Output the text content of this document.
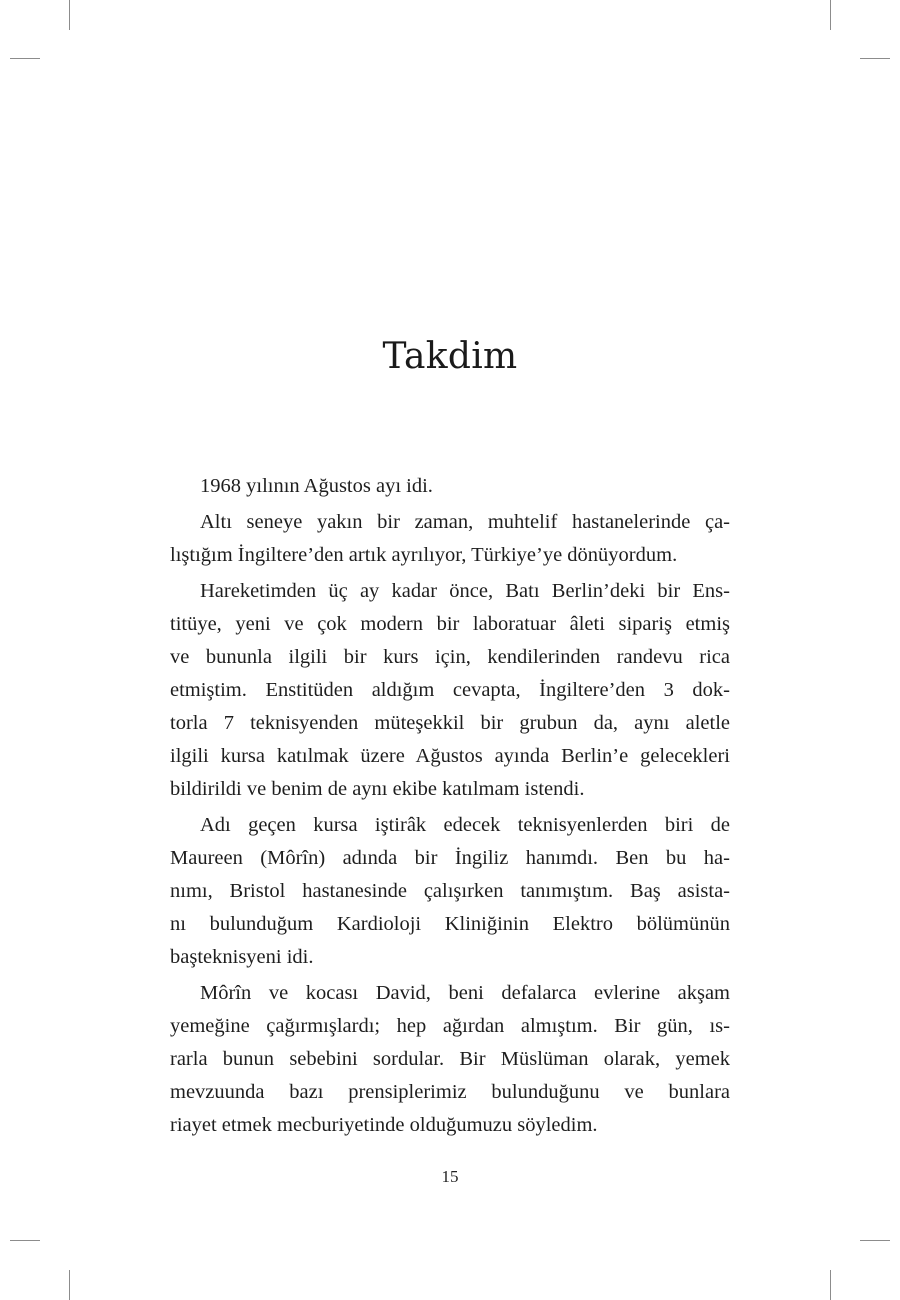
Takdim
1968 yılının Ağustos ayı idi.
Altı seneye yakın bir zaman, muhtelif hastanelerinde ça-
lıştığım İngiltere’den artık ayrılıyor, Türkiye’ye dönüyordum.
Hareketimden üç ay kadar önce, Batı Berlin’deki bir Ens-
titüye, yeni ve çok modern bir laboratuar âleti sipariş etmiş
ve bununla ilgili bir kurs için, kendilerinden randevu rica
etmiştim. Enstitüden aldığım cevapta, İngiltere’den 3 dok-
torla 7 teknisyenden müteşekkil bir grubun da, aynı aletle
ilgili kursa katılmak üzere Ağustos ayında Berlin’e gelecekleri
bildirildi ve benim de aynı ekibe katılmam istendi.
Adı geçen kursa iştirâk edecek teknisyenlerden biri de
Maureen (Môrîn) adında bir İngiliz hanımdı. Ben bu ha-
nımı, Bristol hastanesinde çalışırken tanımıştım. Baş asista-
nı bulunduğum Kardioloji Kliniğinin Elektro bölümünün
başteknisyeni idi.
Môrîn ve kocası David, beni defalarca evlerine akşam
yemeğine çağırmışlardı; hep ağırdan almıştım. Bir gün, ıs-
rarla bunun sebebini sordular. Bir Müslüman olarak, yemek
mevzuunda bazı prensiplerimiz bulunduğunu ve bunlara
riayet etmek mecburiyetinde olduğumuzu söyledim.
15
